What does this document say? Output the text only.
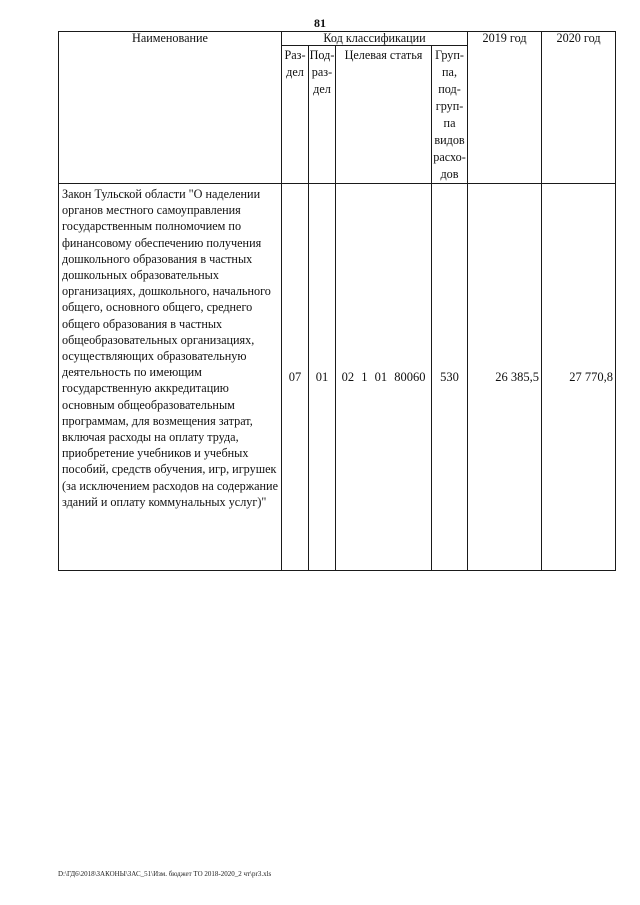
81
Наименование	Код классификации				2019 год	2020 год

	Раз-дел	Под-раз-дел	Целевая статья	Груп-па, под-груп-па видов расхо-дов		

Закон Тульской области "О наделении органов местного самоуправления государственным полномочием по финансовому обеспечению получения дошкольного образования в частных дошкольных образовательных организациях, дошкольного, начального общего, основного общего, среднего общего образования в частных общеобразовательных организациях, осуществляющих образовательную деятельность по имеющим государственную аккредитацию основным общеобразовательным программам, для возмещения затрат, включая расходы на оплату труда, приобретение учебников и учебных пособий, средств обучения, игр, игрушек (за исключением расходов на содержание зданий и оплату коммунальных услуг)"	07	01	02 1 01 80060	530	26 385,5	27 770,8
D:\ГД6\2018\ЗАКОНЫ\ЗАС_51\Изм. бюджет ТО 2018-2020_2 чт\pr3.xls
